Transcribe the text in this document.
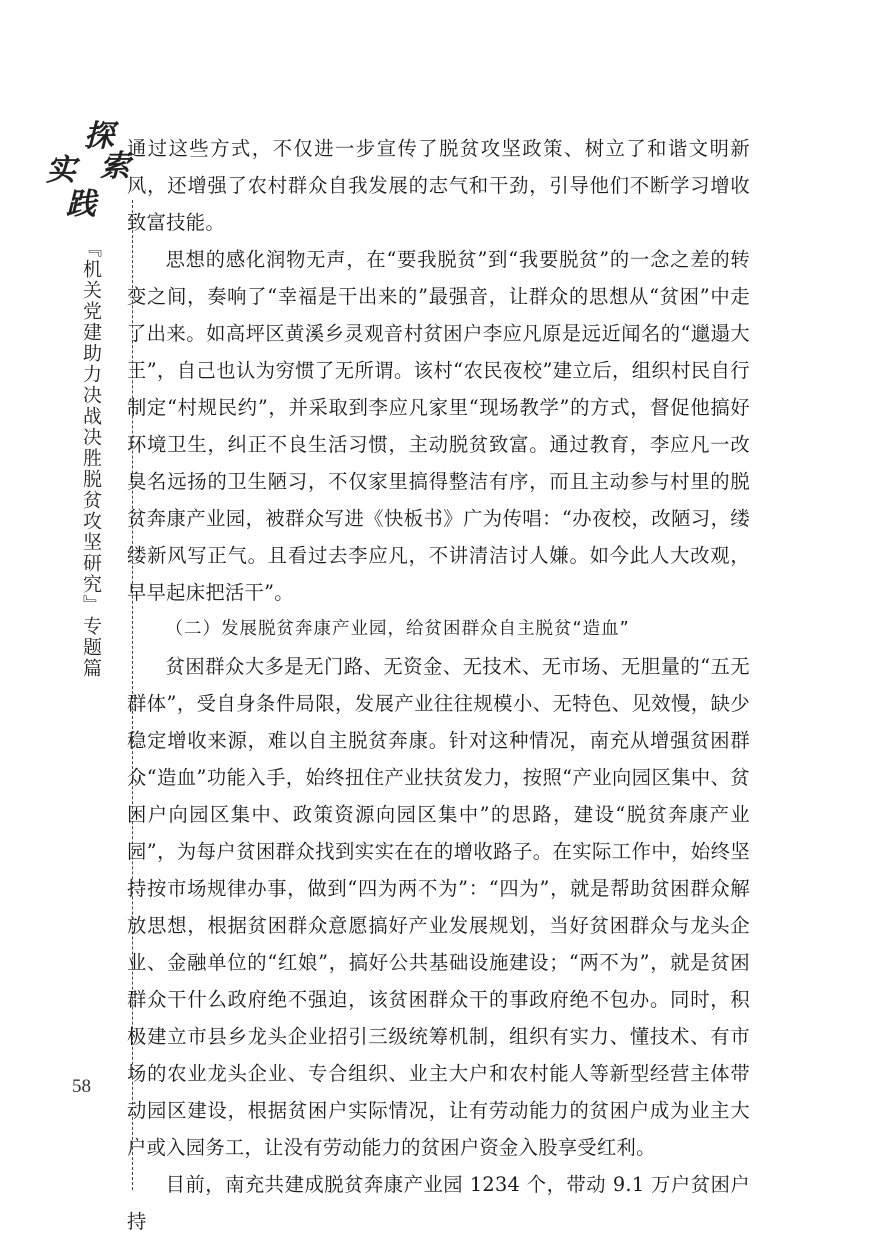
探
索
实
践
『机关党建助力决战决胜脱贫攻坚研究』专题篇
58

通过这些方式，不仅进一步宣传了脱贫攻坚政策、树立了和谐文明新风，还增强了农村群众自我发展的志气和干劲，引导他们不断学习增收致富技能。

思想的感化润物无声，在“要我脱贫”到“我要脱贫”的一念之差的转变之间，奏响了“幸福是干出来的”最强音，让群众的思想从“贫困”中走了出来。如高坪区黄溪乡灵观音村贫困户李应凡原是远近闻名的“邋遢大王”，自己也认为穷惯了无所谓。该村“农民夜校”建立后，组织村民自行制定“村规民约”，并采取到李应凡家里“现场教学”的方式，督促他搞好环境卫生，纠正不良生活习惯，主动脱贫致富。通过教育，李应凡一改臭名远扬的卫生陋习，不仅家里搞得整洁有序，而且主动参与村里的脱贫奔康产业园，被群众写进《快板书》广为传唱：“办夜校，改陋习，缕缕新风写正气。且看过去李应凡，不讲清洁讨人嫌。如今此人大改观，早早起床把活干”。

（二）发展脱贫奔康产业园，给贫困群众自主脱贫“造血”

贫困群众大多是无门路、无资金、无技术、无市场、无胆量的“五无群体”，受自身条件局限，发展产业往往规模小、无特色、见效慢，缺少稳定增收来源，难以自主脱贫奔康。针对这种情况，南充从增强贫困群众“造血”功能入手，始终扭住产业扶贫发力，按照“产业向园区集中、贫困户向园区集中、政策资源向园区集中”的思路，建设“脱贫奔康产业园”，为每户贫困群众找到实实在在的增收路子。在实际工作中，始终坚持按市场规律办事，做到“四为两不为”：“四为”，就是帮助贫困群众解放思想，根据贫困群众意愿搞好产业发展规划，当好贫困群众与龙头企业、金融单位的“红娘”，搞好公共基础设施建设；“两不为”，就是贫困群众干什么政府绝不强迫，该贫困群众干的事政府绝不包办。同时，积极建立市县乡龙头企业招引三级统筹机制，组织有实力、懂技术、有市场的农业龙头企业、专合组织、业主大户和农村能人等新型经营主体带动园区建设，根据贫困户实际情况，让有劳动能力的贫困户成为业主大户或入园务工，让没有劳动能力的贫困户资金入股享受红利。

目前，南充共建成脱贫奔康产业园 1234 个，带动 9.1 万户贫困户持
